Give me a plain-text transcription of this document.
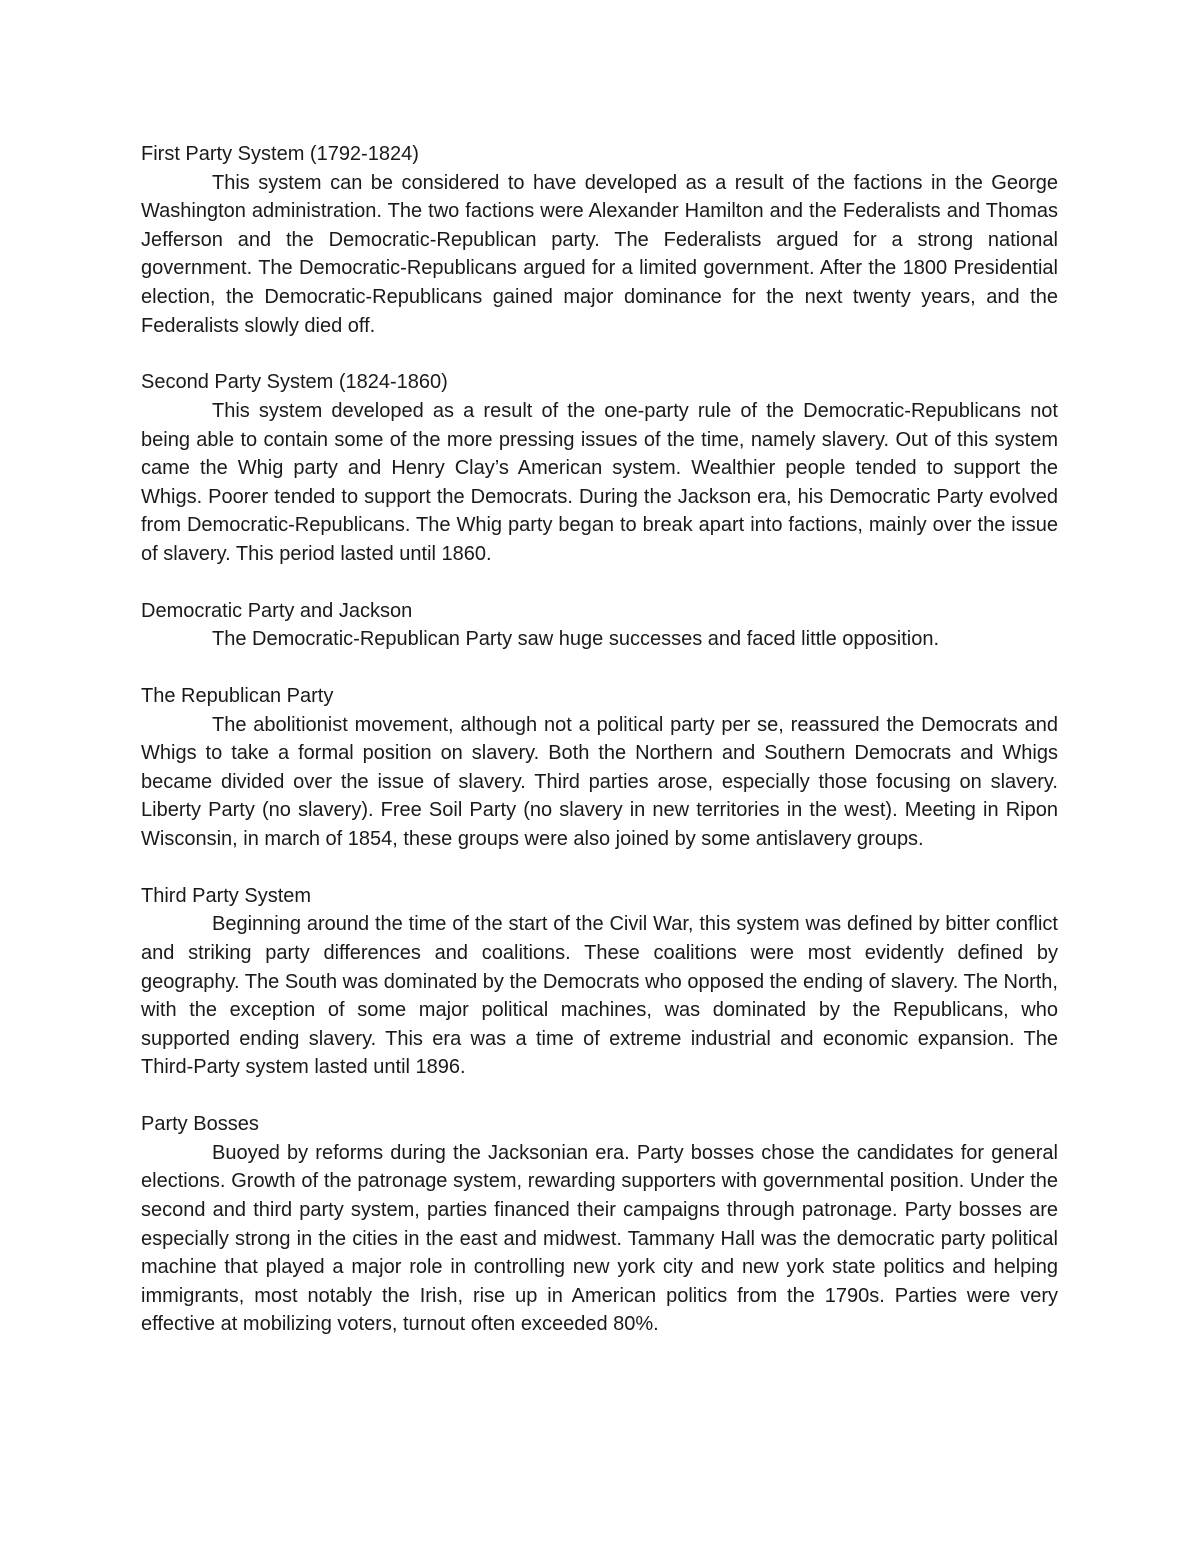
First Party System (1792-1824)

This system can be considered to have developed as a result of the factions in the George Washington administration. The two factions were Alexander Hamilton and the Federalists and Thomas Jefferson and the Democratic-Republican party. The Federalists argued for a strong national government. The Democratic-Republicans argued for a limited government. After the 1800 Presidential election, the Democratic-Republicans gained major dominance for the next twenty years, and the Federalists slowly died off.

Second Party System (1824-1860)

This system developed as a result of the one-party rule of the Democratic-Republicans not being able to contain some of the more pressing issues of the time, namely slavery. Out of this system came the Whig party and Henry Clay’s American system. Wealthier people tended to support the Whigs. Poorer tended to support the Democrats. During the Jackson era, his Democratic Party evolved from Democratic-Republicans. The Whig party began to break apart into factions, mainly over the issue of slavery. This period lasted until 1860.

Democratic Party and Jackson

The Democratic-Republican Party saw huge successes and faced little opposition.

The Republican Party

The abolitionist movement, although not a political party per se, reassured the Democrats and Whigs to take a formal position on slavery. Both the Northern and Southern Democrats and Whigs became divided over the issue of slavery. Third parties arose, especially those focusing on slavery. Liberty Party (no slavery). Free Soil Party (no slavery in new territories in the west). Meeting in Ripon Wisconsin, in march of 1854, these groups were also joined by some antislavery groups.

Third Party System

Beginning around the time of the start of the Civil War, this system was defined by bitter conflict and striking party differences and coalitions. These coalitions were most evidently defined by geography. The South was dominated by the Democrats who opposed the ending of slavery. The North, with the exception of some major political machines, was dominated by the Republicans, who supported ending slavery. This era was a time of extreme industrial and economic expansion. The Third-Party system lasted until 1896.

Party Bosses

Buoyed by reforms during the Jacksonian era. Party bosses chose the candidates for general elections. Growth of the patronage system, rewarding supporters with governmental position. Under the second and third party system, parties financed their campaigns through patronage. Party bosses are especially strong in the cities in the east and midwest. Tammany Hall was the democratic party political machine that played a major role in controlling new york city and new york state politics and helping immigrants, most notably the Irish, rise up in American politics from the 1790s. Parties were very effective at mobilizing voters, turnout often exceeded 80%.
